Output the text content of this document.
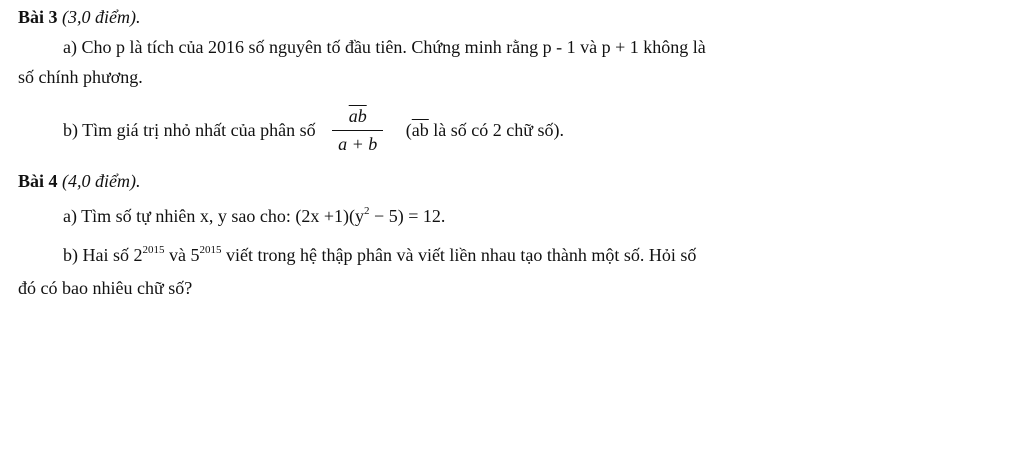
Bài 3 (3,0 điểm).
a) Cho p là tích của 2016 số nguyên tố đầu tiên. Chứng minh rằng p - 1 và p + 1 không là
số chính phương.
b) Tìm giá trị nhỏ nhất của phân số $\frac{\overline{ab}}{a + b} (\overline{ab}$ là số có 2 chữ số).
Bài 4 (4,0 điểm).
a) Tìm số tự nhiên x, y sao cho: $(2x +1)(y^2 - 5) = 12$.
b) Hai số $2^{2015}$ và $5^{2015}$ viết trong hệ thập phân và viết liền nhau tạo thành một số. Hỏi số
đó có bao nhiêu chữ số?
